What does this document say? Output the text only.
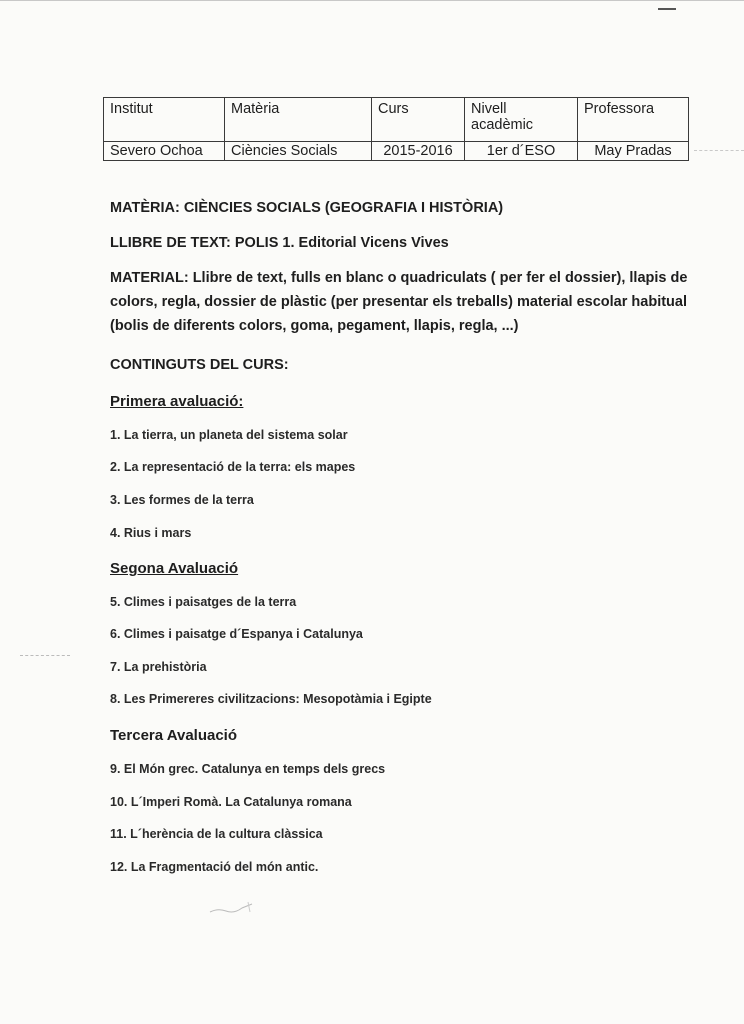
Institut	Matèria	Curs	Nivell acadèmic	Professora
Severo Ochoa	Ciències Socials	2015-2016	1er d´ESO	May Pradas

MATÈRIA: CIÈNCIES SOCIALS (GEOGRAFIA I HISTÒRIA)

LLIBRE DE TEXT: POLIS 1. Editorial Vicens Vives

MATERIAL: Llibre de text, fulls en blanc o quadriculats ( per fer el dossier), llapis de colors, regla, dossier de plàstic (per presentar els treballs) material escolar habitual (bolis de diferents colors, goma, pegament, llapis, regla, ...)

CONTINGUTS DEL CURS:

Primera avaluació:

1. La tierra, un planeta del sistema solar

2. La representació de la terra: els mapes

3. Les formes de la terra

4. Rius i mars

Segona Avaluació

5. Climes i paisatges de la terra

6. Climes i paisatge d´Espanya i Catalunya

7. La prehistòria

8. Les Primereres civilitzacions: Mesopotàmia i Egipte

Tercera Avaluació

9. El Món grec. Catalunya en temps dels grecs

10. L´Imperi Romà. La Catalunya romana

11. L´herència de la cultura clàssica

12. La Fragmentació del món antic.
